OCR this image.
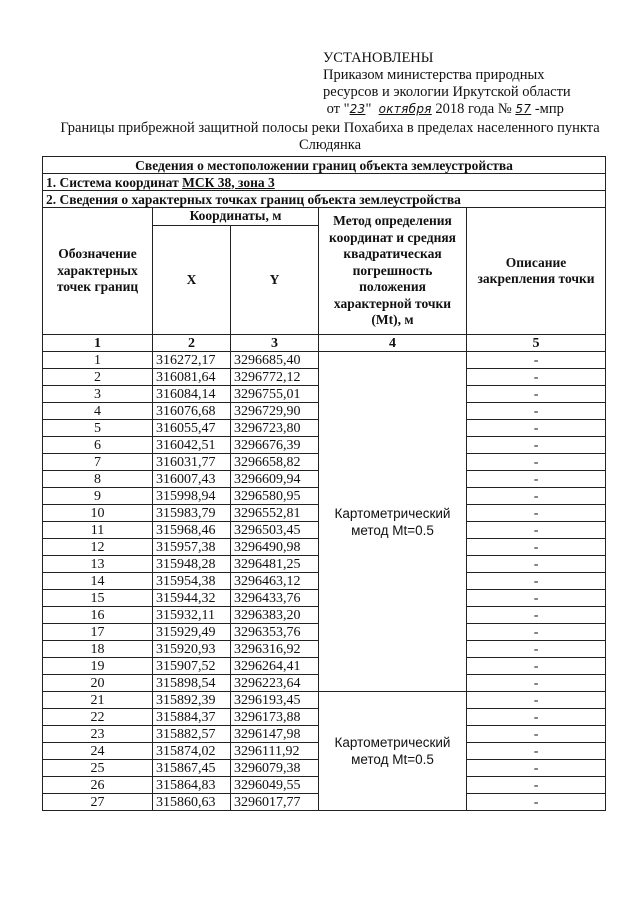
УСТАНОВЛЕНЫ
Приказом министерства природных
ресурсов и экологии Иркутской области
от "23" октября 2018 года № 57 -мпр
Границы прибрежной защитной полосы реки Похабиха в пределах населенного пункта Слюдянка
Сведения о местоположении границ объекта землеустройства				
1. Система координат МСК 38, зона 3				
2. Сведения о характерных точках границ объекта землеустройства				
Обозначение характерных точек границ	Координаты, м		Метод определения координат и средняя квадратическая погрешность положения характерной точки (Mt), м	Описание закрепления точки
	X	Y		
1	2	3	4	5
1	316272,17	3296685,40	Картометрический метод Mt=0.5	-
2	316081,64	3296772,12		-
3	316084,14	3296755,01		-
4	316076,68	3296729,90		-
5	316055,47	3296723,80		-
6	316042,51	3296676,39		-
7	316031,77	3296658,82		-
8	316007,43	3296609,94		-
9	315998,94	3296580,95		-
10	315983,79	3296552,81		-
11	315968,46	3296503,45		-
12	315957,38	3296490,98		-
13	315948,28	3296481,25		-
14	315954,38	3296463,12		-
15	315944,32	3296433,76		-
16	315932,11	3296383,20		-
17	315929,49	3296353,76		-
18	315920,93	3296316,92		-
19	315907,52	3296264,41		-
20	315898,54	3296223,64		-
21	315892,39	3296193,45	Картометрический метод Mt=0.5	-
22	315884,37	3296173,88		-
23	315882,57	3296147,98		-
24	315874,02	3296111,92		-
25	315867,45	3296079,38		-
26	315864,83	3296049,55		-
27	315860,63	3296017,77		-
